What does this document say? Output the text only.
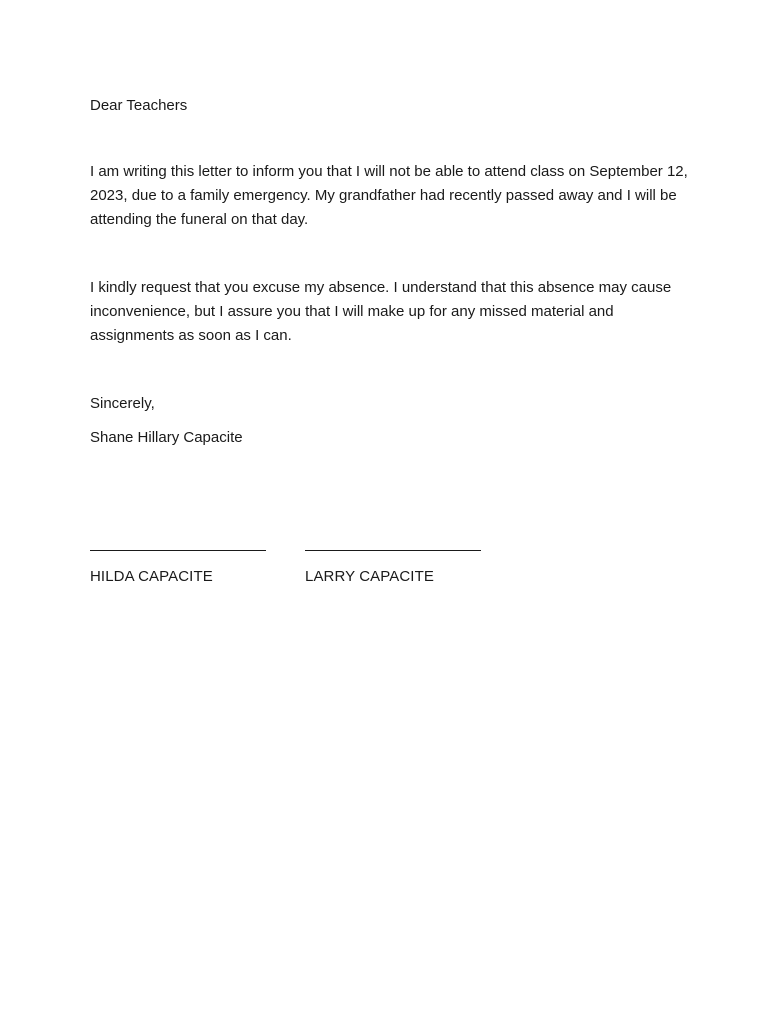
Dear Teachers

I am writing this letter to inform you that I will not be able to attend class on September 12, 2023, due to a family emergency. My grandfather had recently passed away and I will be attending the funeral on that day.

I kindly request that you excuse my absence. I understand that this absence may cause inconvenience, but I assure you that I will make up for any missed material and assignments as soon as I can.

Sincerely,

Shane Hillary Capacite

HILDA CAPACITE	LARRY CAPACITE
